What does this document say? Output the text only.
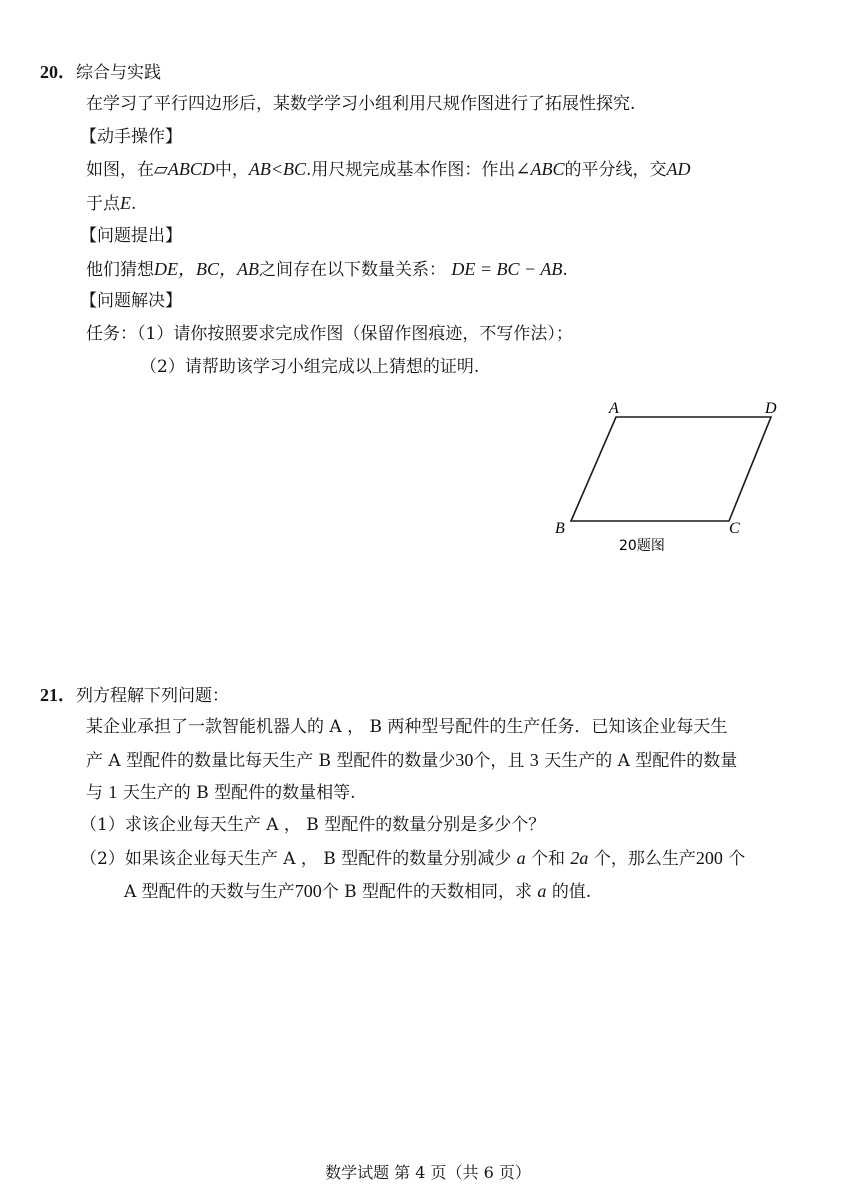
20．综合与实践
在学习了平行四边形后，某数学学习小组利用尺规作图进行了拓展性探究.
【动手操作】
如图，在▱ABCD中，AB<BC.用尺规完成基本作图：作出∠ABC的平分线，交AD
于点E.
【问题提出】
他们猜想DE，BC，AB之间存在以下数量关系： DE = BC − AB.
【问题解决】
任务：（1）请你按照要求完成作图（保留作图痕迹，不写作法）；
（2）请帮助该学习小组完成以上猜想的证明.
A	D
B	C
20题图
21．列方程解下列问题：
某企业承担了一款智能机器人的 A ， B 两种型号配件的生产任务．已知该企业每天生
产 A 型配件的数量比每天生产 B 型配件的数量少30个，且 3 天生产的 A 型配件的数量
与 1 天生产的 B 型配件的数量相等.
（1）求该企业每天生产 A ， B 型配件的数量分别是多少个？
（2）如果该企业每天生产 A ， B 型配件的数量分别减少 a 个和 2a 个，那么生产200 个
A 型配件的天数与生产700个 B 型配件的天数相同，求 a 的值.
数学试题 第 4 页（共 6 页）
